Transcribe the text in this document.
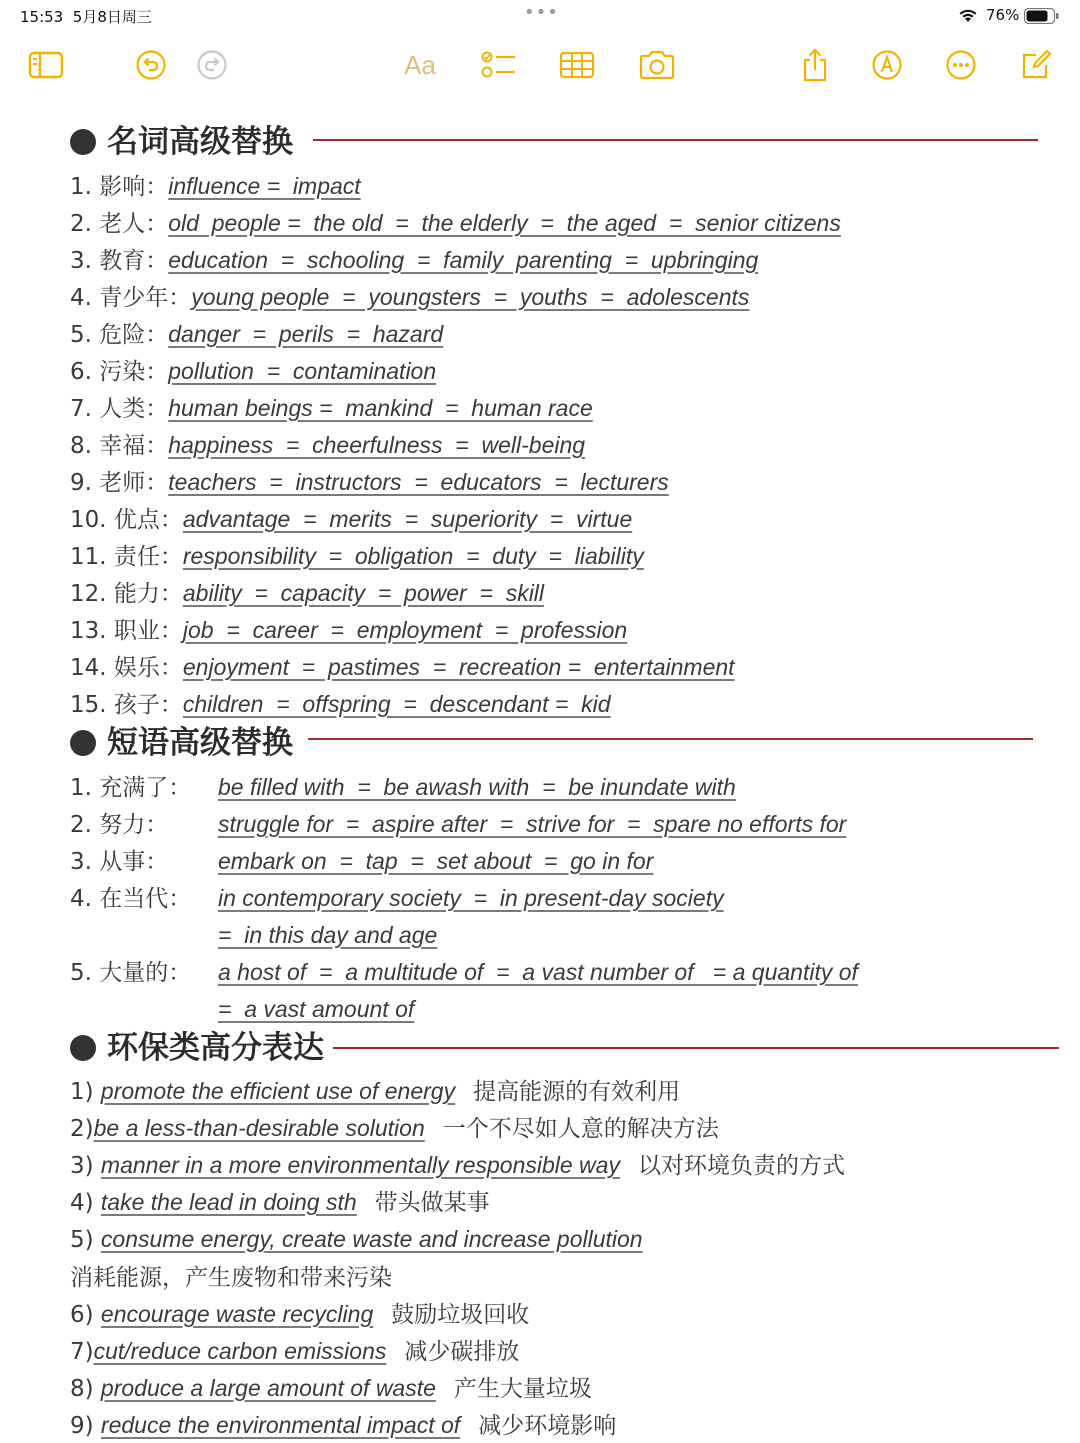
15:53 5月8日周三	•••	76%
Aa
名词高级替换
1. 影响：influence =  impact
2. 老人：old  people =  the old  =  the elderly  =  the aged  =  senior citizens
3. 教育：education  =  schooling  =  family  parenting  =  upbringing
4. 青少年：young people  =  youngsters  =  youths  =  adolescents
5. 危险：danger  =  perils  =  hazard
6. 污染：pollution  =  contamination
7. 人类：human beings =  mankind  =  human race
8. 幸福：happiness  =  cheerfulness  =  well-being
9. 老师：teachers  =  instructors  =  educators  =  lecturers
10. 优点：advantage  =  merits  =  superiority  =  virtue
11. 责任：responsibility  =  obligation  =  duty  =  liability
12. 能力：ability  =  capacity  =  power  =  skill
13. 职业：job  =  career  =  employment  =  profession
14. 娱乐：enjoyment  =  pastimes  =  recreation =  entertainment
15. 孩子：children  =  offspring  =  descendant =  kid
短语高级替换
1. 充满了： be filled with  =  be awash with  =  be inundate with
2. 努力： struggle for  =  aspire after  =  strive for  =  spare no efforts for
3. 从事： embark on  =  tap  =  set about  =  go in for
4. 在当代： in contemporary society  =  in present-day society
=  in this day and age
5. 大量的： a host of  =  a multitude of  =  a vast number of   = a quantity of
=  a vast amount of
环保类高分表达
1) promote the efficient use of energy 提高能源的有效利用
2)be a less-than-desirable solution 一个不尽如人意的解决方法
3) manner in a more environmentally responsible way 以对环境负责的方式
4) take the lead in doing sth 带头做某事
5) consume energy, create waste and increase pollution
消耗能源，产生废物和带来污染
6) encourage waste recycling 鼓励垃圾回收
7)cut/reduce carbon emissions 减少碳排放
8) produce a large amount of waste 产生大量垃圾
9) reduce the environmental impact of 减少环境影响
